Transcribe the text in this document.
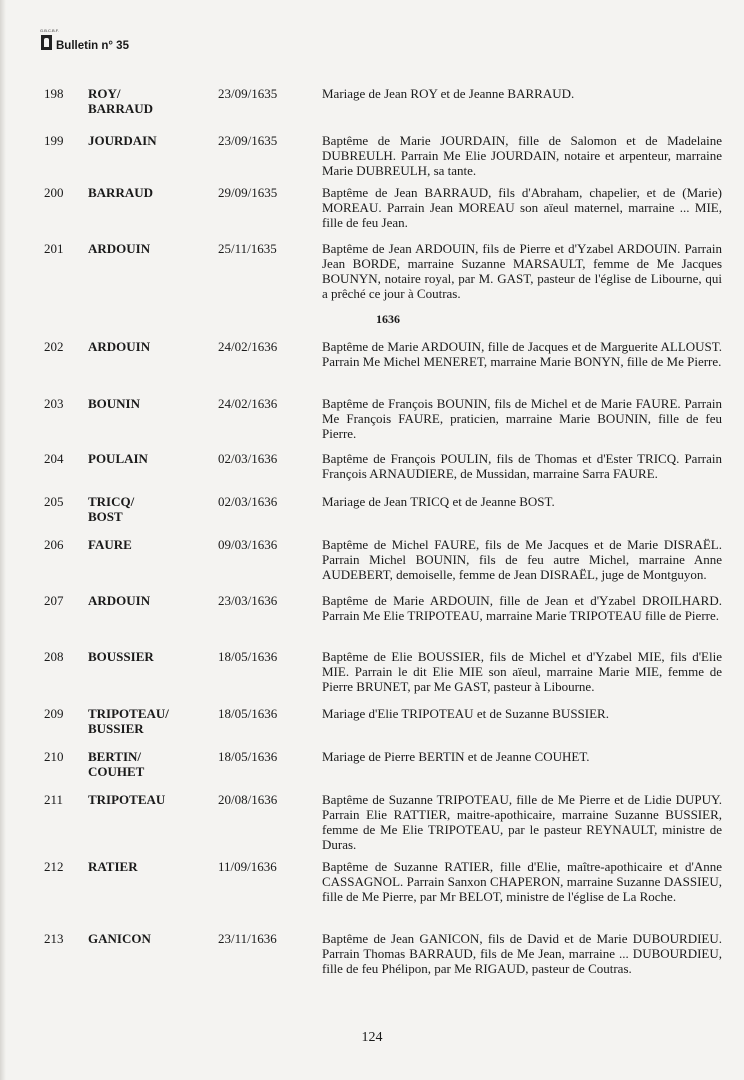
G.B.C.B.F.
Bulletin n° 35
198 ROY/
BARRAUD
23/09/1635	Mariage de Jean ROY et de Jeanne BARRAUD.
199 JOURDAIN	23/09/1635	Baptême de Marie JOURDAIN, fille de Salomon et de Madelaine DUBREULH. Parrain Me Elie JOURDAIN, notaire et arpenteur, marraine Marie DUBREULH, sa tante.
200 BARRAUD	29/09/1635	Baptême de Jean BARRAUD, fils d'Abraham, chapelier, et de (Marie) MOREAU. Parrain Jean MOREAU son aïeul maternel, marraine ... MIE, fille de feu Jean.
201 ARDOUIN	25/11/1635	Baptême de Jean ARDOUIN, fils de Pierre et d'Yzabel ARDOUIN. Parrain Jean BORDE, marraine Suzanne MARSAULT, femme de Me Jacques BOUNYN, notaire royal, par M. GAST, pasteur de l'église de Libourne, qui a prêché ce jour à Coutras.
202 ARDOUIN	24/02/1636	Baptême de Marie ARDOUIN, fille de Jacques et de Marguerite ALLOUST. Parrain Me Michel MENERET, marraine Marie BONYN, fille de Me Pierre.
203 BOUNIN	24/02/1636	Baptême de François BOUNIN, fils de Michel et de Marie FAURE. Parrain Me François FAURE, praticien, marraine Marie BOUNIN, fille de feu Pierre.
204 POULAIN	02/03/1636	Baptême de François POULIN, fils de Thomas et d'Ester TRICQ. Parrain François ARNAUDIERE, de Mussidan, marraine Sarra FAURE.
205 TRICQ/
BOST
02/03/1636	Mariage de Jean TRICQ et de Jeanne BOST.
206 FAURE	09/03/1636	Baptême de Michel FAURE, fils de Me Jacques et de Marie DISRAËL. Parrain Michel BOUNIN, fils de feu autre Michel, marraine Anne AUDEBERT, demoiselle, femme de Jean DISRAËL, juge de Montguyon.
207 ARDOUIN	23/03/1636	Baptême de Marie ARDOUIN, fille de Jean et d'Yzabel DROILHARD. Parrain Me Elie TRIPOTEAU, marraine Marie TRIPOTEAU fille de Pierre.
208 BOUSSIER	18/05/1636	Baptême de Elie BOUSSIER, fils de Michel et d'Yzabel MIE, fils d'Elie MIE. Parrain le dit Elie MIE son aïeul, marraine Marie MIE, femme de Pierre BRUNET, par Me GAST, pasteur à Libourne.
209 TRIPOTEAU/
BUSSIER
18/05/1636	Mariage d'Elie TRIPOTEAU et de Suzanne BUSSIER.
210 BERTIN/
COUHET
18/05/1636	Mariage de Pierre BERTIN et de Jeanne COUHET.
211 TRIPOTEAU	20/08/1636	Baptême de Suzanne TRIPOTEAU, fille de Me Pierre et de Lidie DUPUY. Parrain Elie RATTIER, maitre-apothicaire, marraine Suzanne BUSSIER, femme de Me Elie TRIPOTEAU, par le pasteur REYNAULT, ministre de Duras.
212 RATIER	11/09/1636	Baptême de Suzanne RATIER, fille d'Elie, maître-apothicaire et d'Anne CASSAGNOL. Parrain Sanxon CHAPERON, marraine Suzanne DASSIEU, fille de Me Pierre, par Mr BELOT, ministre de l'église de La Roche.
213 GANICON	23/11/1636	Baptême de Jean GANICON, fils de David et de Marie DUBOURDIEU. Parrain Thomas BARRAUD, fils de Me Jean, marraine ... DUBOURDIEU, fille de feu Phélipon, par Me RIGAUD, pasteur de Coutras.
1636
124
